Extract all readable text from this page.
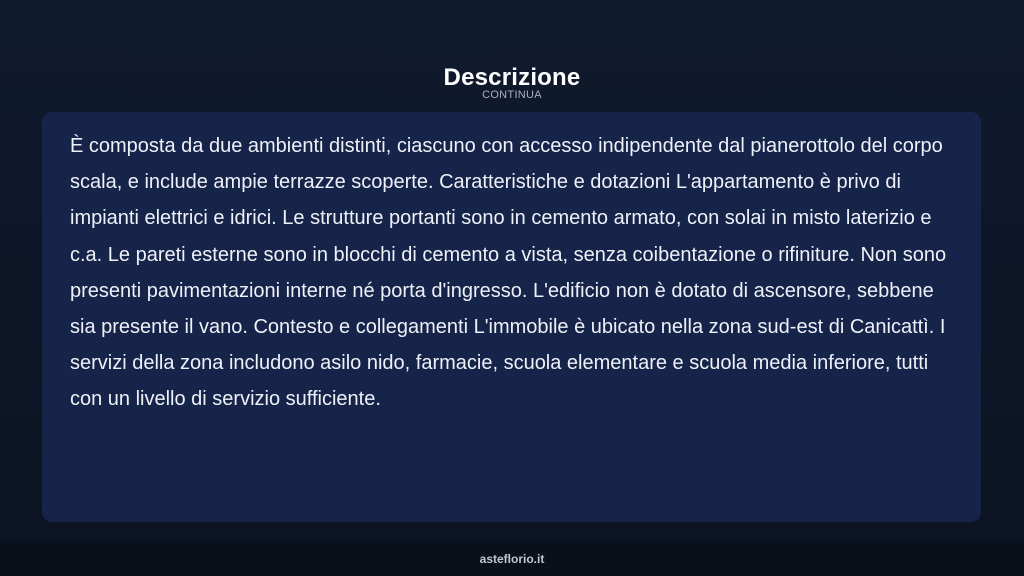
Descrizione
CONTINUA

È composta da due ambienti distinti, ciascuno con accesso indipendente dal pianerottolo del corpo scala, e include ampie terrazze scoperte. Caratteristiche e dotazioni L'appartamento è privo di impianti elettrici e idrici. Le strutture portanti sono in cemento armato, con solai in misto laterizio e c.a. Le pareti esterne sono in blocchi di cemento a vista, senza coibentazione o rifiniture. Non sono presenti pavimentazioni interne né porta d'ingresso. L'edificio non è dotato di ascensore, sebbene sia presente il vano. Contesto e collegamenti L'immobile è ubicato nella zona sud-est di Canicattì. I servizi della zona includono asilo nido, farmacie, scuola elementare e scuola media inferiore, tutti con un livello di servizio sufficiente.

asteflorio.it
